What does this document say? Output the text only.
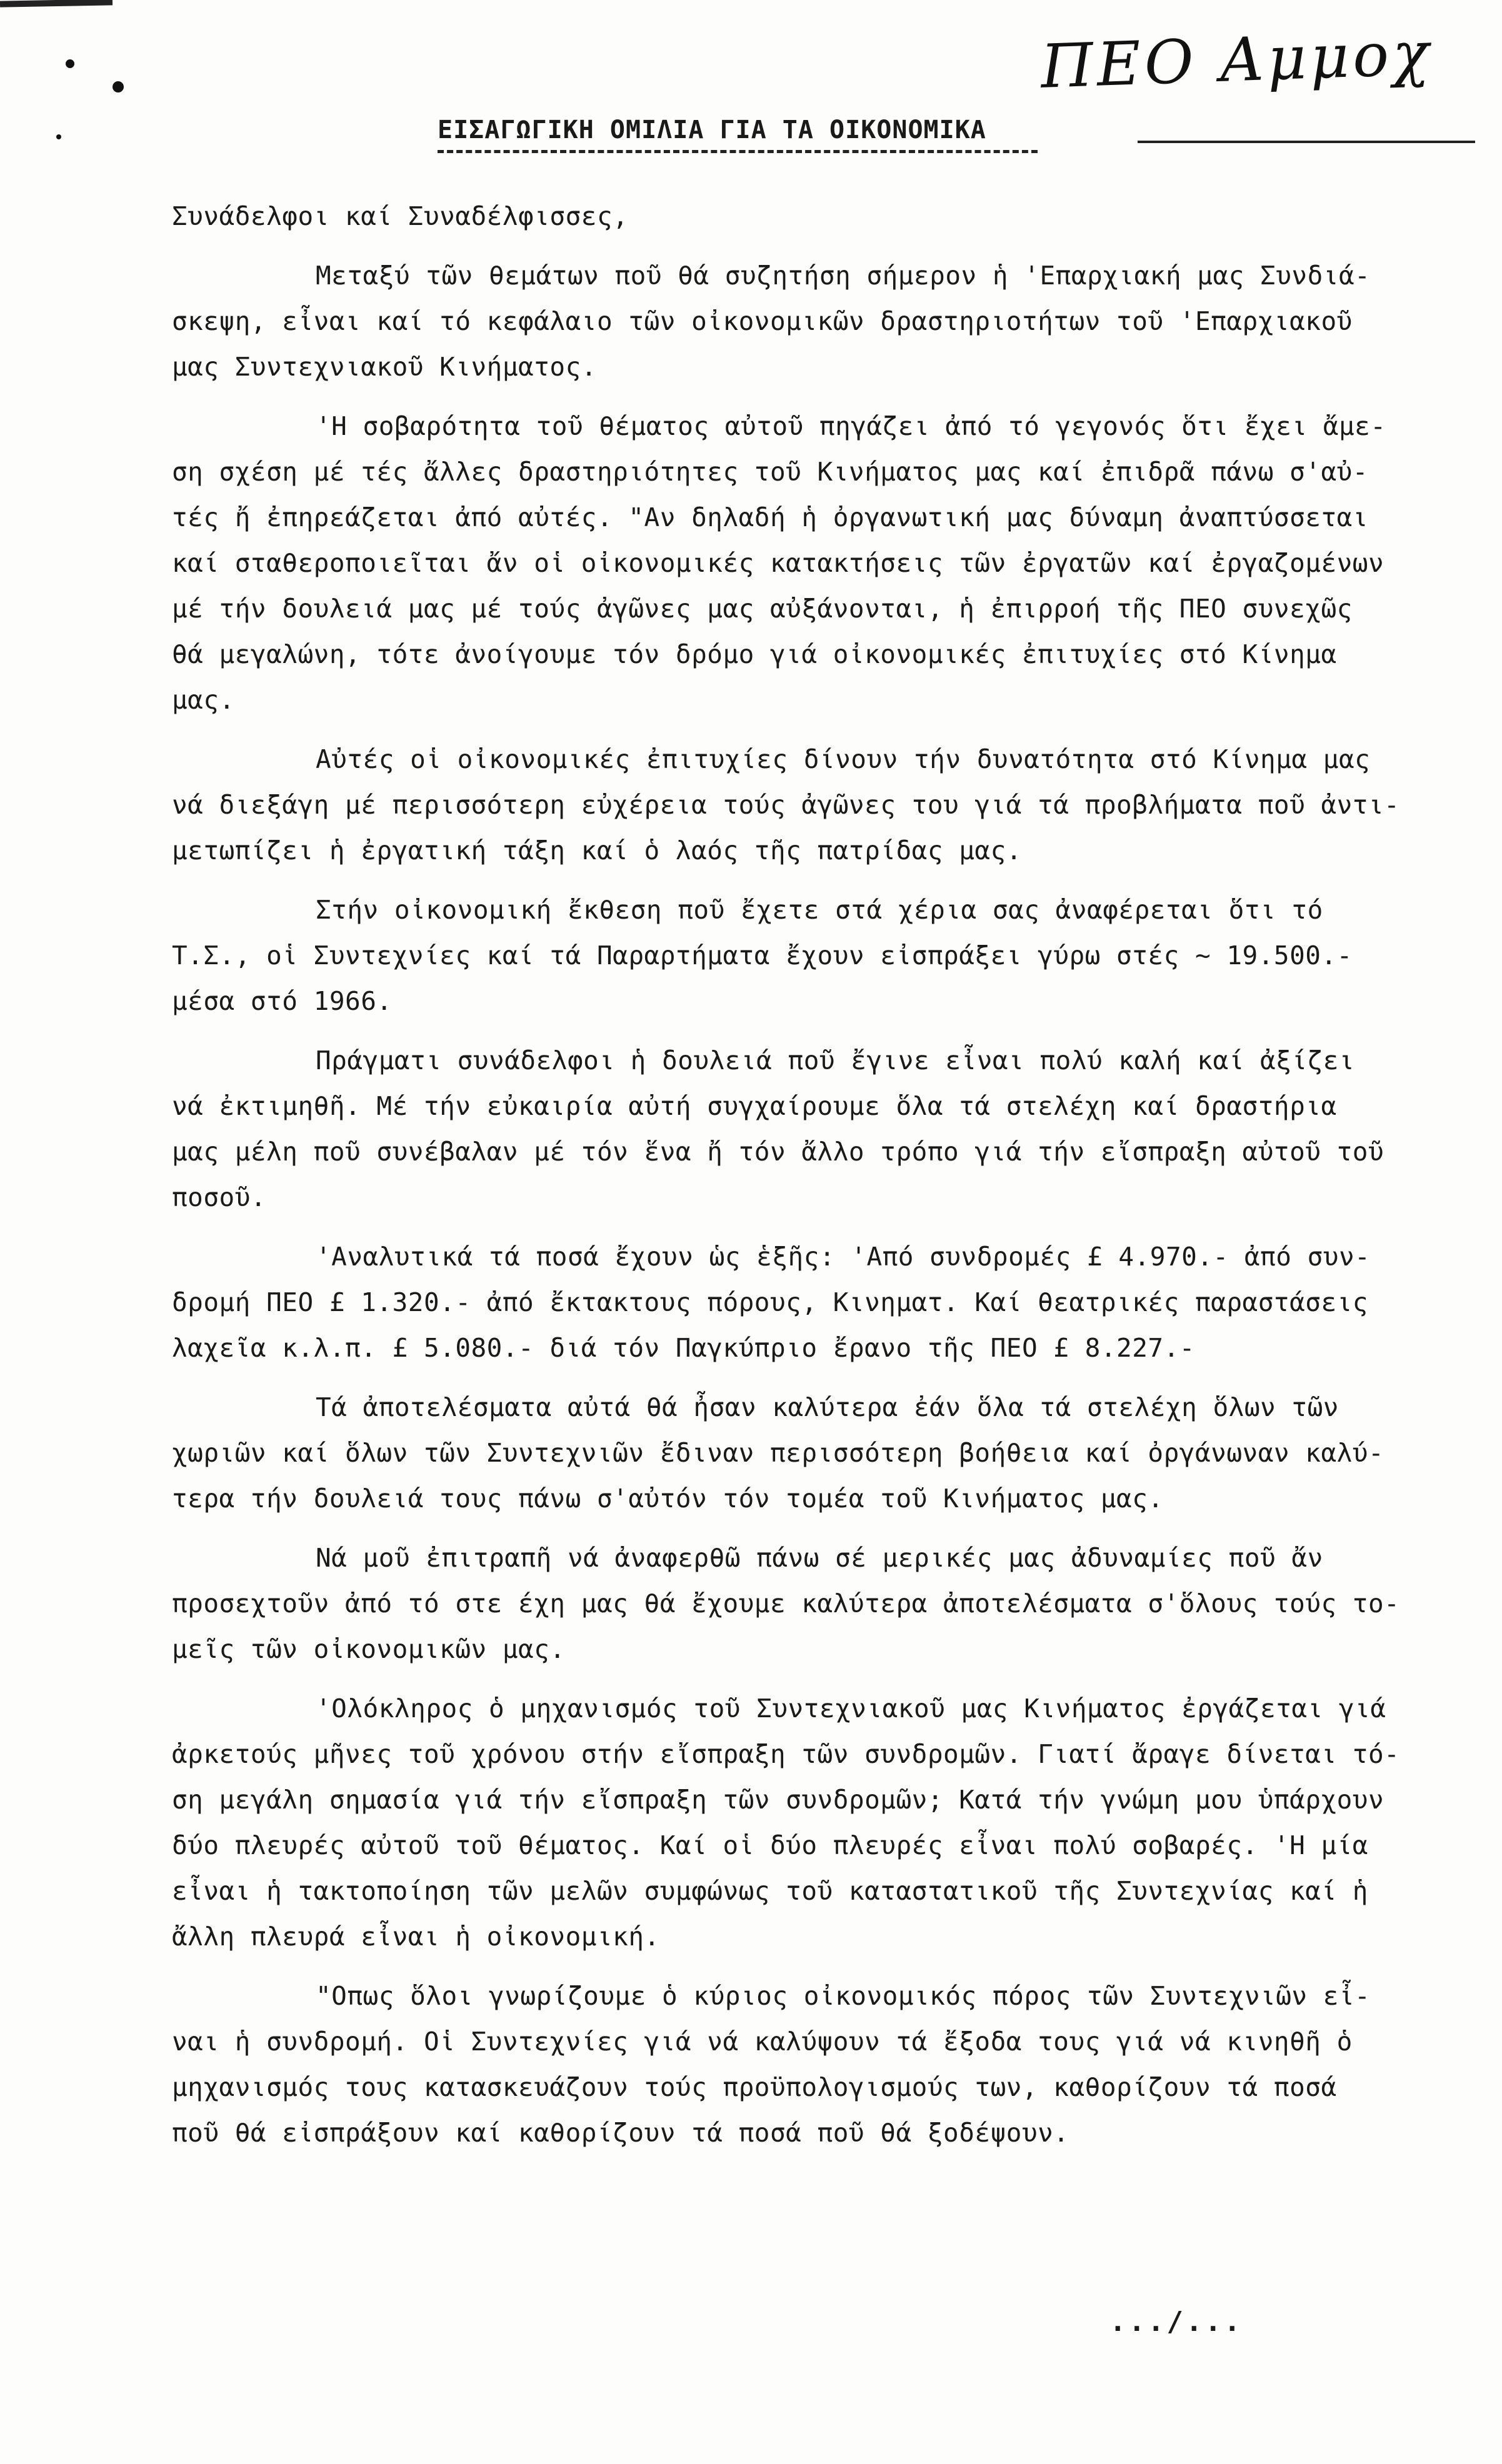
ΠΕΟ Αμμοχ
ΕΙΣΑΓΩΓΙΚΗ ΟΜΙΛΙΑ ΓΙΑ ΤΑ ΟΙΚΟΝΟΜΙΚΑ
Συνάδελφοι καί Συναδέλφισσες,
Μεταξύ τῶν θεμάτων ποῦ θά συζητήση σήμερον ἡ 'Επαρχιακή μας Συνδιά-
σκεψη, εἶναι καί τό κεφάλαιο τῶν οἰκονομικῶν δραστηριοτήτων τοῦ 'Επαρχιακοῦ
μας Συντεχνιακοῦ Κινήματος.
'Η σοβαρότητα τοῦ θέματος αὐτοῦ πηγάζει ἀπό τό γεγονός ὅτι ἔχει ἄμε-
ση σχέση μέ τές ἄλλες δραστηριότητες τοῦ Κινήματος μας καί ἐπιδρᾶ πάνω σ'αὐ-
τές ἤ ἐπηρεάζεται ἀπό αὐτές. "Αν δηλαδή ἡ ὀργανωτική μας δύναμη ἀναπτύσσεται
καί σταθεροποιεῖται ἄν οἱ οἰκονομικές κατακτήσεις τῶν ἐργατῶν καί ἐργαζομένων
μέ τήν δουλειά μας μέ τούς ἀγῶνες μας αὐξάνονται, ἡ ἐπιρροή τῆς ΠΕΟ συνεχῶς
θά μεγαλώνη, τότε ἀνοίγουμε τόν δρόμο γιά οἰκονομικές ἐπιτυχίες στό Κίνημα
μας.
Αὐτές οἱ οἰκονομικές ἐπιτυχίες δίνουν τήν δυνατότητα στό Κίνημα μας
νά διεξάγη μέ περισσότερη εὐχέρεια τούς ἀγῶνες του γιά τά προβλήματα ποῦ ἀντι-
μετωπίζει ἡ ἐργατική τάξη καί ὁ λαός τῆς πατρίδας μας.
Στήν οἰκονομική ἔκθεση ποῦ ἔχετε στά χέρια σας ἀναφέρεται ὅτι τό
Τ.Σ., οἱ Συντεχνίες καί τά Παραρτήματα ἔχουν εἰσπράξει γύρω στές ~ 19.500.-
μέσα στό 1966.
Πράγματι συνάδελφοι ἡ δουλειά ποῦ ἔγινε εἶναι πολύ καλή καί ἀξίζει
νά ἐκτιμηθῆ. Μέ τήν εὐκαιρία αὐτή συγχαίρουμε ὅλα τά στελέχη καί δραστήρια
μας μέλη ποῦ συνέβαλαν μέ τόν ἕνα ἤ τόν ἄλλο τρόπο γιά τήν εἴσπραξη αὐτοῦ τοῦ
ποσοῦ.
'Αναλυτικά τά ποσά ἔχουν ὡς ἑξῆς: 'Από συνδρομές £ 4.970.- ἀπό συν-
δρομή ΠΕΟ £ 1.320.- ἀπό ἔκτακτους πόρους, Κινηματ. Καί θεατρικές παραστάσεις
λαχεῖα κ.λ.π. £ 5.080.- διά τόν Παγκύπριο ἔρανο τῆς ΠΕΟ £ 8.227.-
Τά ἀποτελέσματα αὐτά θά ἦσαν καλύτερα ἐάν ὅλα τά στελέχη ὅλων τῶν
χωριῶν καί ὅλων τῶν Συντεχνιῶν ἔδιναν περισσότερη βοήθεια καί ὀργάνωναν καλύ-
τερα τήν δουλειά τους πάνω σ'αὐτόν τόν τομέα τοῦ Κινήματος μας.
Νά μοῦ ἐπιτραπῆ νά ἀναφερθῶ πάνω σέ μερικές μας ἀδυναμίες ποῦ ἄν
προσεχτοῦν ἀπό τό στε έχη μας θά ἔχουμε καλύτερα ἀποτελέσματα σ'ὅλους τούς το-
μεῖς τῶν οἰκονομικῶν μας.
'Ολόκληρος ὁ μηχανισμός τοῦ Συντεχνιακοῦ μας Κινήματος ἐργάζεται γιά
ἀρκετούς μῆνες τοῦ χρόνου στήν εἴσπραξη τῶν συνδρομῶν. Γιατί ἄραγε δίνεται τό-
ση μεγάλη σημασία γιά τήν εἴσπραξη τῶν συνδρομῶν; Κατά τήν γνώμη μου ὑπάρχουν
δύο πλευρές αὐτοῦ τοῦ θέματος. Καί οἱ δύο πλευρές εἶναι πολύ σοβαρές. 'Η μία
εἶναι ἡ τακτοποίηση τῶν μελῶν συμφώνως τοῦ καταστατικοῦ τῆς Συντεχνίας καί ἡ
ἄλλη πλευρά εἶναι ἡ οἰκονομική.
"Οπως ὅλοι γνωρίζουμε ὁ κύριος οἰκονομικός πόρος τῶν Συντεχνιῶν εἶ-
ναι ἡ συνδρομή. Οἱ Συντεχνίες γιά νά καλύψουν τά ἔξοδα τους γιά νά κινηθῆ ὁ
μηχανισμός τους κατασκευάζουν τούς προϋπολογισμούς των, καθορίζουν τά ποσά
ποῦ θά εἰσπράξουν καί καθορίζουν τά ποσά ποῦ θά ξοδέψουν.
.../...
